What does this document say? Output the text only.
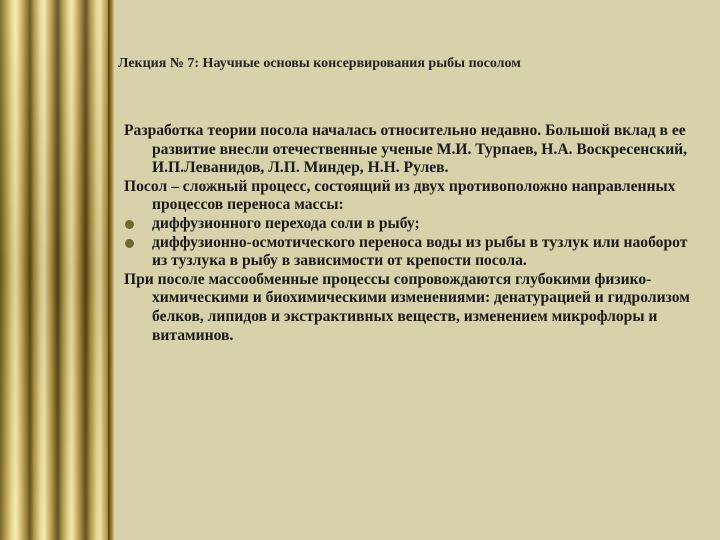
Лекция № 7: Научные основы консервирования рыбы посолом

Разработка теории посола началась относительно недавно. Большой вклад в ее развитие внесли отечественные ученые М.И. Турпаев, Н.А. Воскресенский, И.П.Леванидов, Л.П. Миндер, Н.Н. Рулев.

Посол – сложный процесс, состоящий из двух противоположно направленных процессов переноса массы:

диффузионного перехода соли в рыбу;
диффузионно-осмотического переноса воды из рыбы в тузлук или наоборот из тузлука в рыбу в зависимости от крепости посола.

При посоле массообменные процессы сопровождаются глубокими физико-химическими и биохимическими изменениями: денатурацией и гидролизом белков, липидов и экстрактивных веществ, изменением микрофлоры и витаминов.
